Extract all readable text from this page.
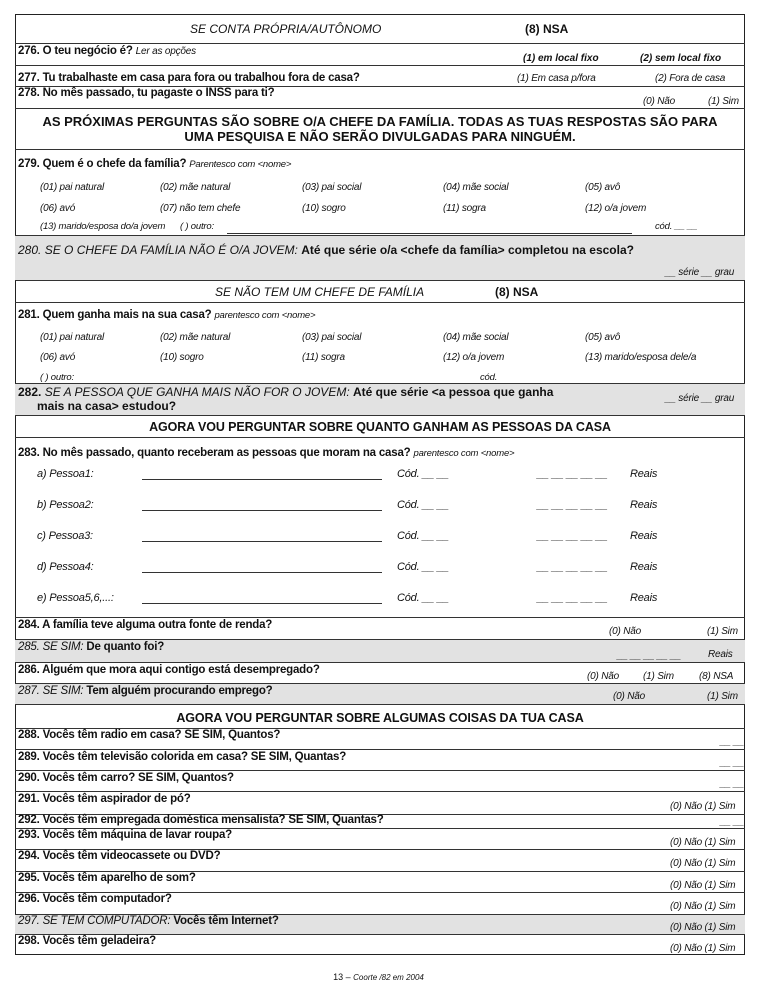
SE CONTA PRÓPRIA/AUTÔNOMO	(8) NSA
276. O teu negócio é? Ler as opções
(1) em local fixo	(2) sem local fixo
277. Tu trabalhaste em casa para fora ou trabalhou fora de casa?	(1) Em casa p/fora	(2) Fora de casa
278. No mês passado, tu pagaste o INSS para ti?
(0) Não	(1) Sim
AS PRÓXIMAS PERGUNTAS SÃO SOBRE O/A CHEFE DA FAMÍLIA. TODAS AS TUAS RESPOSTAS SÃO PARA
UMA PESQUISA E NÃO SERÃO DIVULGADAS PARA NINGUÉM.
279. Quem é o chefe da família? Parentesco com <nome>
(01) pai natural	(02) mãe natural	(03) pai social	(04) mãe social	(05) avô
(06) avó	(07) não tem chefe	(10) sogro	(11) sogra	(12) o/a jovem
(13) marido/esposa do/a jovem ( ) outro:	cód. __ __
280. SE O CHEFE DA FAMÍLIA NÃO É O/A JOVEM: Até que série o/a <chefe da família> completou na escola?
__ série __ grau
SE NÃO TEM UM CHEFE DE FAMÍLIA	(8) NSA
281. Quem ganha mais na sua casa? parentesco com <nome>
(01) pai natural	(02) mãe natural	(03) pai social	(04) mãe social	(05) avô
(06) avó	(10) sogro	(11) sogra	(12) o/a jovem	(13) marido/esposa dele/a
( ) outro:	cód.
282. SE A PESSOA QUE GANHA MAIS NÃO FOR O JOVEM: Até que série <a pessoa que ganha
mais na casa> estudou?
__ série __ grau
AGORA VOU PERGUNTAR SOBRE QUANTO GANHAM AS PESSOAS DA CASA
283. No mês passado, quanto receberam as pessoas que moram na casa? parentesco com <nome>
a) Pessoa1:	Cód. __ __	__ __ __ __ __ Reais
b) Pessoa2:	Cód. __ __	__ __ __ __ __ Reais
c) Pessoa3:	Cód. __ __	__ __ __ __ __ Reais
d) Pessoa4:	Cód. __ __	__ __ __ __ __ Reais
e) Pessoa5,6,...:	Cód. __ __	__ __ __ __ __ Reais
284. A família teve alguma outra fonte de renda?
(0) Não	(1) Sim
285. SE SIM: De quanto foi?
__ __ __ __ __	Reais
286. Alguém que mora aqui contigo está desempregado?
(0) Não (1) Sim	(8) NSA
287. SE SIM: Tem alguém procurando emprego?	(0) Não	(1) Sim
AGORA VOU PERGUNTAR SOBRE ALGUMAS COISAS DA TUA CASA
288. Vocês têm radio em casa? SE SIM, Quantos?
__ __
289. Vocês têm televisão colorida em casa? SE SIM, Quantas?	__ __
290. Vocês têm carro? SE SIM, Quantos?	__ __
291. Vocês têm aspirador de pó?
(0) Não (1) Sim
292. Vocês têm empregada doméstica mensalista? SE SIM, Quantas?	__ __
293. Vocês têm máquina de lavar roupa?
(0) Não (1) Sim
294. Vocês têm videocassete ou DVD?
(0) Não (1) Sim
295. Vocês têm aparelho de som?
(0) Não (1) Sim
296. Vocês têm computador?
(0) Não (1) Sim
297. SE TEM COMPUTADOR: Vocês têm Internet?
(0) Não (1) Sim
298. Vocês têm geladeira?
(0) Não (1) Sim
13 – Coorte /82 em 2004
